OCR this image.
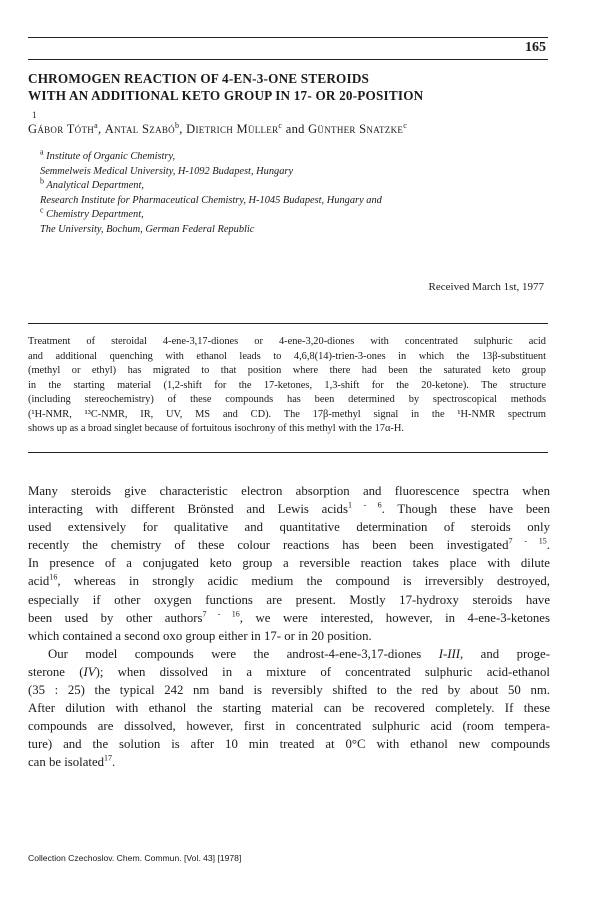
165
CHROMOGEN REACTION OF 4-EN-3-ONE STEROIDS
WITH AN ADDITIONAL KETO GROUP IN 17- OR 20-POSITION
1
Gábor Tóth$^a$, Antal Szabó$^b$, Dietrich Müller$^c$ and Günther Snatzke$^c$
$^a$ Institute of Organic Chemistry,
Semmelweis Medical University, H-1092 Budapest, Hungary
$^b$ Analytical Department,
Research Institute for Pharmaceutical Chemistry, H-1045 Budapest, Hungary and
$^c$ Chemistry Department,
The University, Bochum, German Federal Republic
Received March 1st, 1977
Treatment of steroidal 4-ene-3,17-diones or 4-ene-3,20-diones with concentrated sulphuric acid
and additional quenching with ethanol leads to 4,6,8(14)-trien-3-ones in which the 13β-substituent
(methyl or ethyl) has migrated to that position where there had been the saturated keto group
in the starting material (1,2-shift for the 17-ketones, 1,3-shift for the 20-ketone). The structure
(including stereochemistry) of these compounds has been determined by spectroscopical methods
(¹H-NMR, ¹³C-NMR, IR, UV, MS and CD). The 17β-methyl signal in the ¹H-NMR spectrum
shows up as a broad singlet because of fortuitous isochrony of this methyl with the 17α-H.

Many steroids give characteristic electron absorption and fluorescence spectra when
interacting with different Brönsted and Lewis acids$^{1 - 6}$. Though these have been
used extensively for qualitative and quantitative determination of steroids only
recently the chemistry of these colour reactions has been been investigated$^{7 - 15}$.
In presence of a conjugated keto group a reversible reaction takes place with dilute
acid$^{16}$, whereas in strongly acidic medium the compound is irreversibly destroyed,
especially if other oxygen functions are present. Mostly 17-hydroxy steroids have
been used by other authors$^{7 - 16}$, we were interested, however, in 4-ene-3-ketones
which contained a second oxo group either in 17- or in 20 position.

Our model compounds were the androst-4-ene-3,17-diones I-III, and proge-
sterone (IV); when dissolved in a mixture of concentrated sulphuric acid-ethanol
(35 : 25) the typical 242 nm band is reversibly shifted to the red by about 50 nm.
After dilution with ethanol the starting material can be recovered completely. If these
compounds are dissolved, however, first in concentrated sulphuric acid (room tempera-
ture) and the solution is after 10 min treated at 0°C with ethanol new compounds
can be isolated$^{17}$.

Collection Czechoslov. Chem. Commun. [Vol. 43] [1978]
